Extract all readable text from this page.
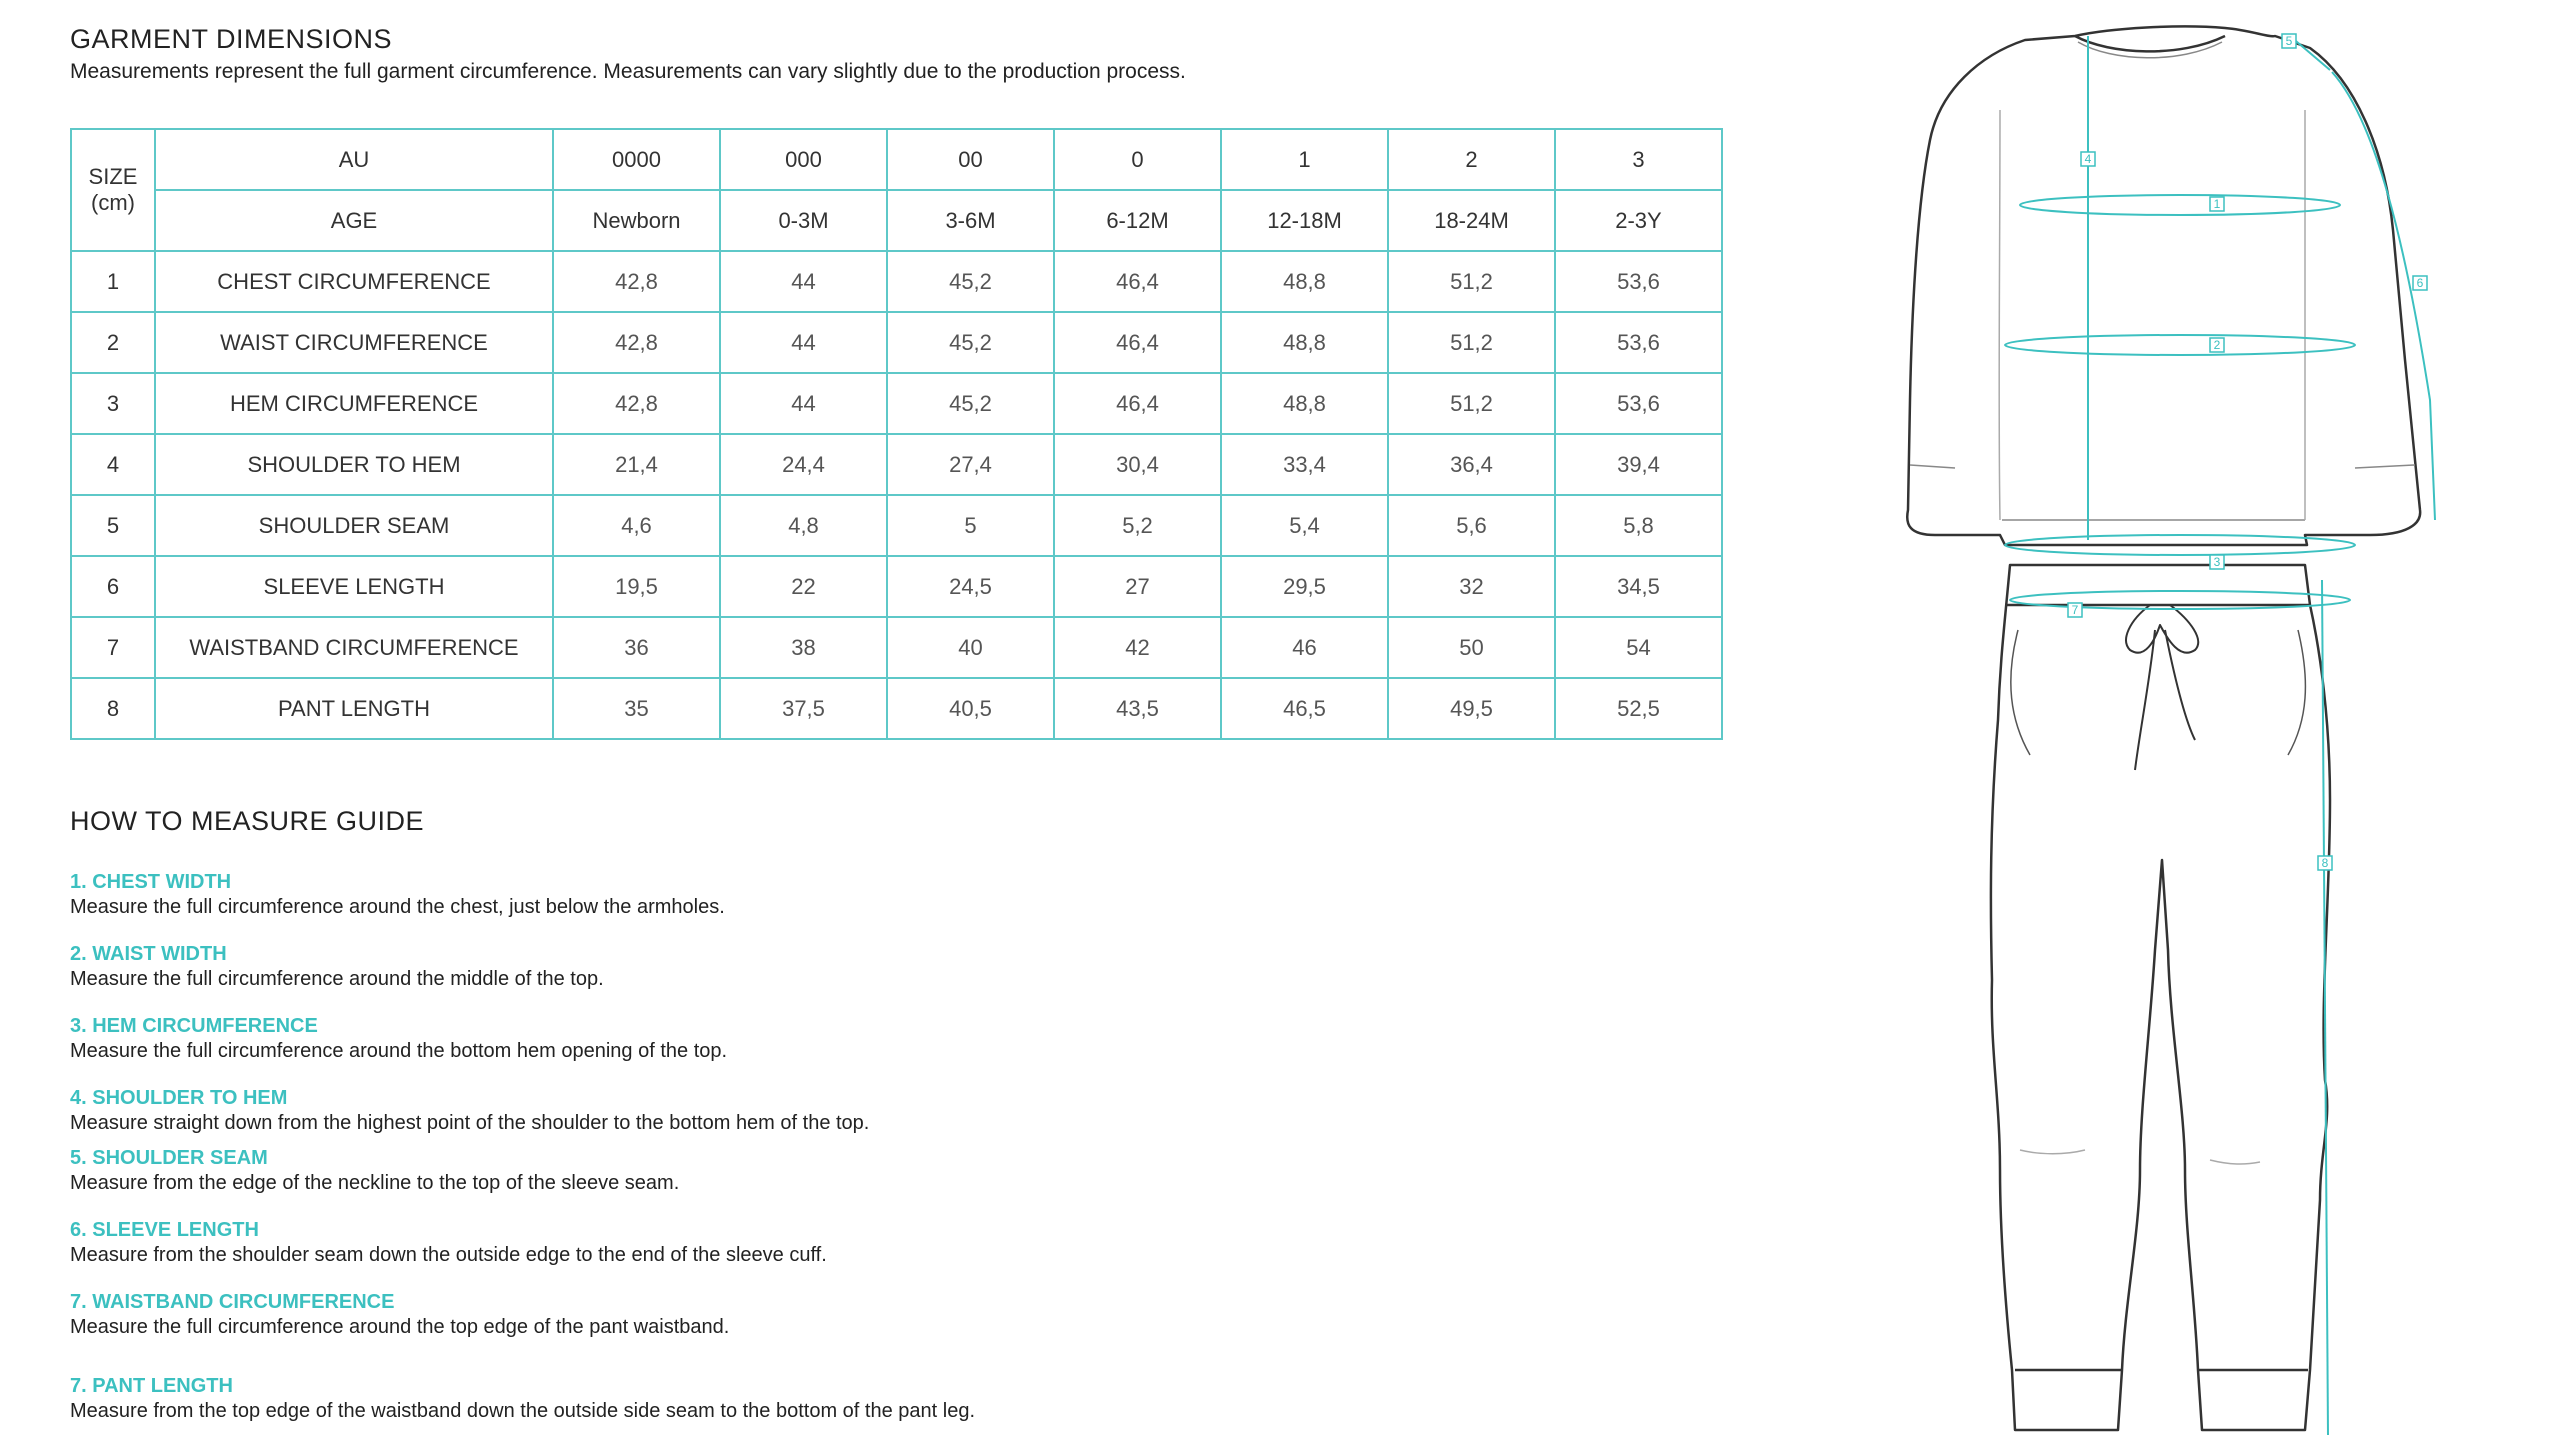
GARMENT DIMENSIONS
Measurements represent the full garment circumference. Measurements can vary slightly due to the production process.
SIZE
(cm)	AU	0000	000	00	0	1	2	3
	AGE	Newborn	0-3M	3-6M	6-12M	12-18M	18-24M	2-3Y
1	CHEST CIRCUMFERENCE	42,8	44	45,2	46,4	48,8	51,2	53,6
2	WAIST CIRCUMFERENCE	42,8	44	45,2	46,4	48,8	51,2	53,6
3	HEM CIRCUMFERENCE	42,8	44	45,2	46,4	48,8	51,2	53,6
4	SHOULDER TO HEM	21,4	24,4	27,4	30,4	33,4	36,4	39,4
5	SHOULDER SEAM	4,6	4,8	5	5,2	5,4	5,6	5,8
6	SLEEVE LENGTH	19,5	22	24,5	27	29,5	32	34,5
7	WAISTBAND CIRCUMFERENCE	36	38	40	42	46	50	54
8	PANT LENGTH	35	37,5	40,5	43,5	46,5	49,5	52,5
HOW TO MEASURE GUIDE
1. CHEST WIDTH
Measure the full circumference around the chest, just below the armholes.
2. WAIST WIDTH
Measure the full circumference around the middle of the top.
3. HEM CIRCUMFERENCE
Measure the full circumference around the bottom hem opening of the top.
4. SHOULDER TO HEM
Measure straight down from the highest point of the shoulder to the bottom hem of the top.
5. SHOULDER SEAM
Measure from the edge of the neckline to the top of the sleeve seam.
6. SLEEVE LENGTH
Measure from the shoulder seam down the outside edge to the end of the sleeve cuff.
7. WAISTBAND CIRCUMFERENCE
Measure the full circumference around the top edge of the pant waistband.
7. PANT LENGTH
Measure from the top edge of the waistband down the outside side seam to the bottom of the pant leg.
1
2
3
4
5
6
7
8
